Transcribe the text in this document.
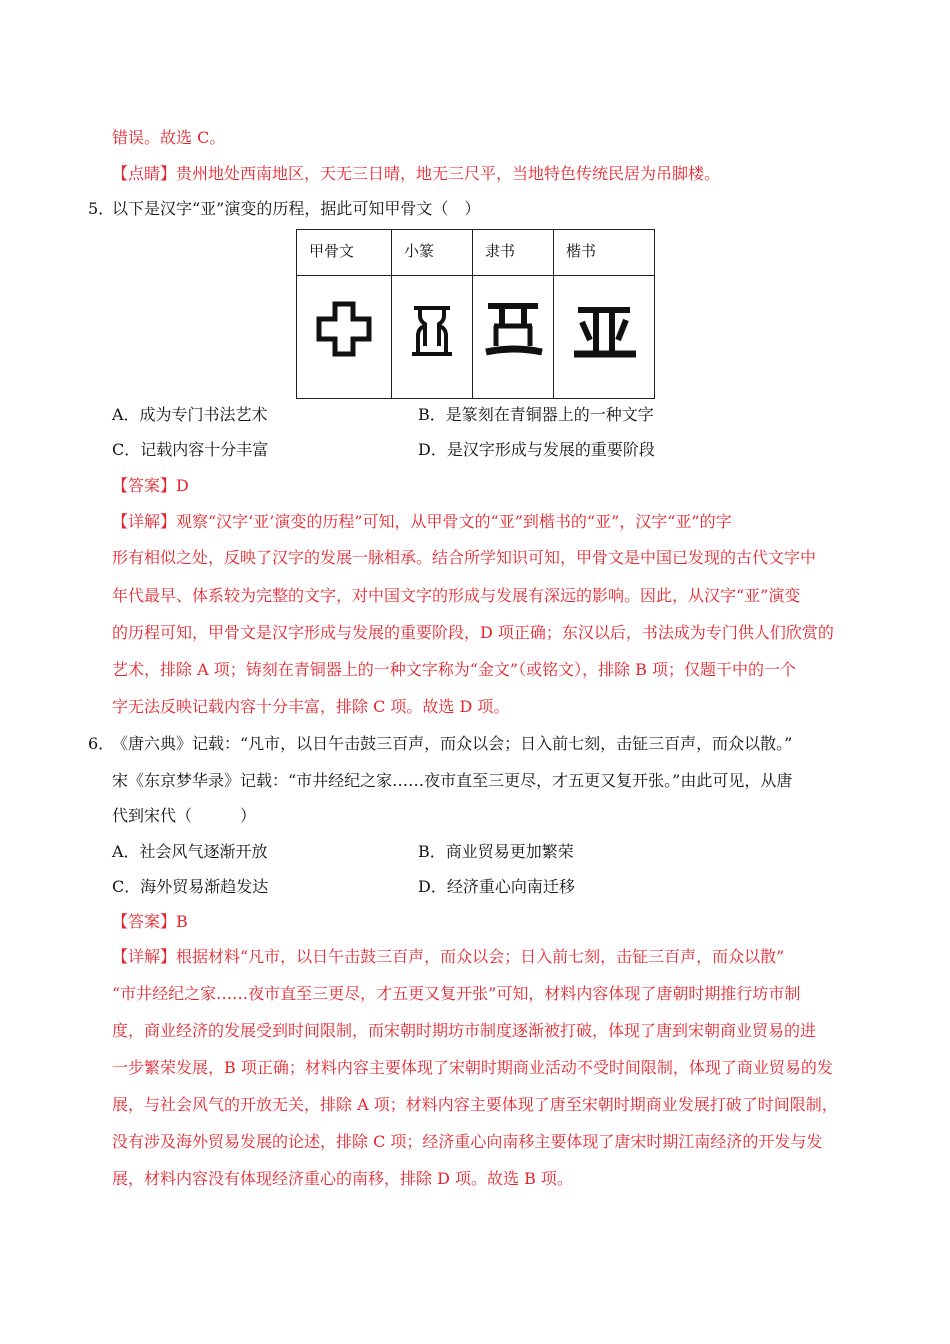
错误。故选 C。
【点睛】贵州地处西南地区，天无三日晴，地无三尺平，当地特色传统民居为吊脚楼。
5．
以下是汉字“亚”演变的历程，据此可知甲骨文（　）
甲骨文	小篆	隶书	楷书

A．成为专门书法艺术	B．是篆刻在青铜器上的一种文字
C．记载内容十分丰富	D．是汉字形成与发展的重要阶段
【答案】D
【详解】观察“汉字‘亚’演变的历程”可知，从甲骨文的“亚”到楷书的“亚”，汉字“亚”的字
形有相似之处，反映了汉字的发展一脉相承。结合所学知识可知，甲骨文是中国已发现的古代文字中
年代最早、体系较为完整的文字，对中国文字的形成与发展有深远的影响。因此，从汉字“亚”演变
的历程可知，甲骨文是汉字形成与发展的重要阶段，D 项正确；东汉以后，书法成为专门供人们欣赏的
艺术，排除 A 项；铸刻在青铜器上的一种文字称为“金文”（或铭文），排除 B 项；仅题干中的一个
字无法反映记载内容十分丰富，排除 C 项。故选 D 项。
6．
《唐六典》记载：“凡市，以日午击鼓三百声，而众以会；日入前七刻，击钲三百声，而众以散。”
宋《东京梦华录》记载：“市井经纪之家……夜市直至三更尽，才五更又复开张。”由此可见，从唐
代到宋代（　　　）
A．社会风气逐渐开放	B．商业贸易更加繁荣
C．海外贸易渐趋发达	D．经济重心向南迁移
【答案】B
【详解】根据材料“凡市，以日午击鼓三百声，而众以会；日入前七刻，击钲三百声，而众以散”
“市井经纪之家……夜市直至三更尽，才五更又复开张”可知，材料内容体现了唐朝时期推行坊市制
度，商业经济的发展受到时间限制，而宋朝时期坊市制度逐渐被打破，体现了唐到宋朝商业贸易的进
一步繁荣发展，B 项正确；材料内容主要体现了宋朝时期商业活动不受时间限制，体现了商业贸易的发
展，与社会风气的开放无关，排除 A 项；材料内容主要体现了唐至宋朝时期商业发展打破了时间限制，
没有涉及海外贸易发展的论述，排除 C 项；经济重心向南移主要体现了唐宋时期江南经济的开发与发
展，材料内容没有体现经济重心的南移，排除 D 项。故选 B 项。
